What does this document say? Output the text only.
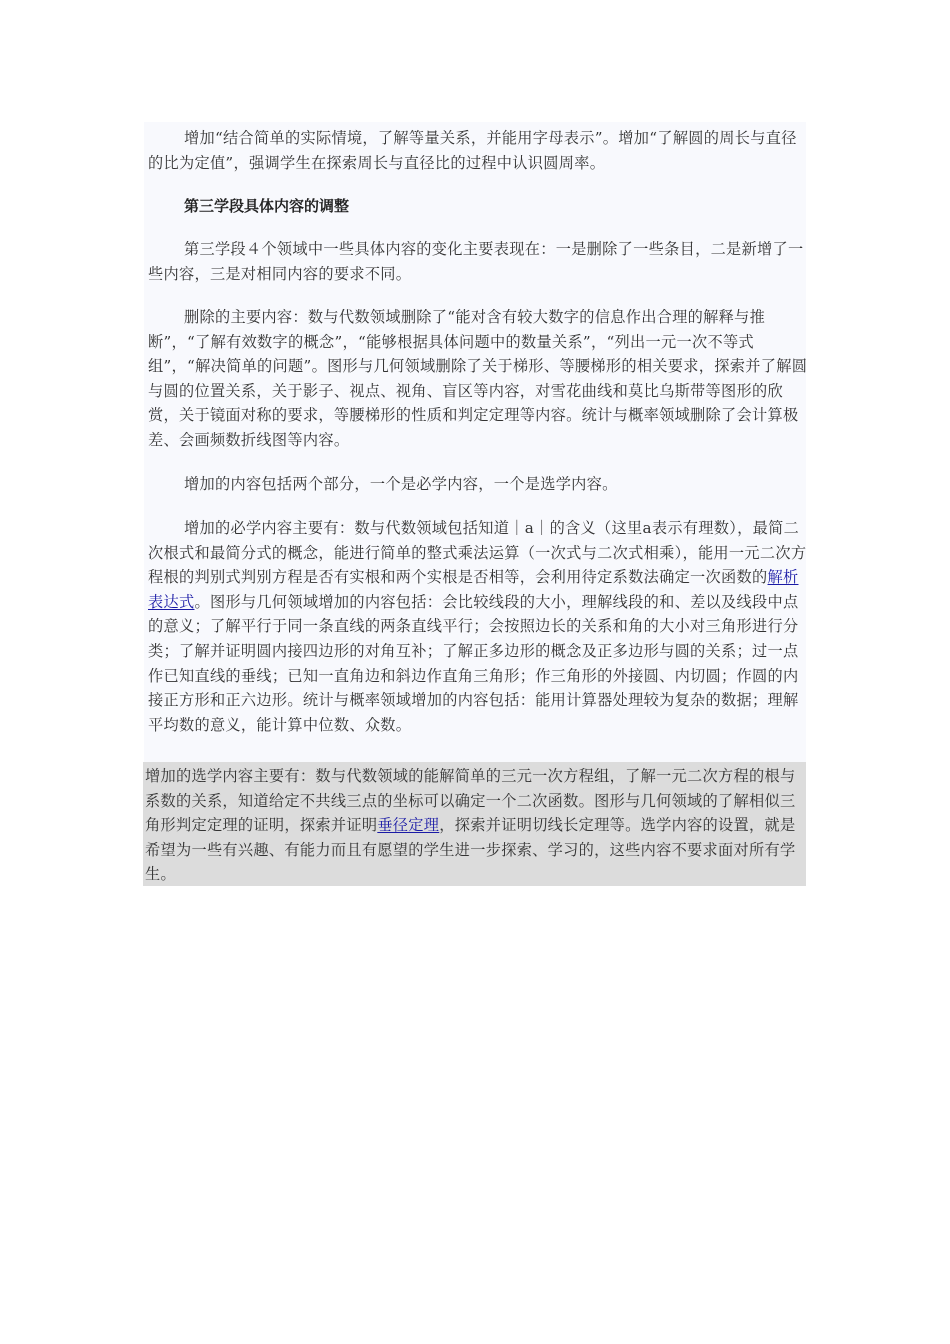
增加“结合简单的实际情境，了解等量关系，并能用字母表示”。增加“了解圆的周长与直径的比为定值”，强调学生在探索周长与直径比的过程中认识圆周率。

第三学段具体内容的调整

第三学段４个领域中一些具体内容的变化主要表现在：一是删除了一些条目，二是新增了一些内容，三是对相同内容的要求不同。

删除的主要内容：数与代数领域删除了“能对含有较大数字的信息作出合理的解释与推断”，“了解有效数字的概念”，“能够根据具体问题中的数量关系”，“列出一元一次不等式组”，“解决简单的问题”。图形与几何领域删除了关于梯形、等腰梯形的相关要求，探索并了解圆与圆的位置关系，关于影子、视点、视角、盲区等内容，对雪花曲线和莫比乌斯带等图形的欣赏，关于镜面对称的要求，等腰梯形的性质和判定定理等内容。统计与概率领域删除了会计算极差、会画频数折线图等内容。

增加的内容包括两个部分，一个是必学内容，一个是选学内容。

增加的必学内容主要有：数与代数领域包括知道｜a｜的含义（这里a表示有理数），最简二次根式和最简分式的概念，能进行简单的整式乘法运算（一次式与二次式相乘），能用一元二次方程根的判别式判别方程是否有实根和两个实根是否相等，会利用待定系数法确定一次函数的解析表达式。图形与几何领域增加的内容包括：会比较线段的大小，理解线段的和、差以及线段中点的意义；了解平行于同一条直线的两条直线平行；会按照边长的关系和角的大小对三角形进行分类；了解并证明圆内接四边形的对角互补；了解正多边形的概念及正多边形与圆的关系；过一点作已知直线的垂线；已知一直角边和斜边作直角三角形；作三角形的外接圆、内切圆；作圆的内接正方形和正六边形。统计与概率领域增加的内容包括：能用计算器处理较为复杂的数据；理解平均数的意义，能计算中位数、众数。

增加的选学内容主要有：数与代数领域的能解简单的三元一次方程组，了解一元二次方程的根与系数的关系，知道给定不共线三点的坐标可以确定一个二次函数。图形与几何领域的了解相似三角形判定定理的证明，探索并证明垂径定理，探索并证明切线长定理等。选学内容的设置，就是希望为一些有兴趣、有能力而且有愿望的学生进一步探索、学习的，这些内容不要求面对所有学生。
